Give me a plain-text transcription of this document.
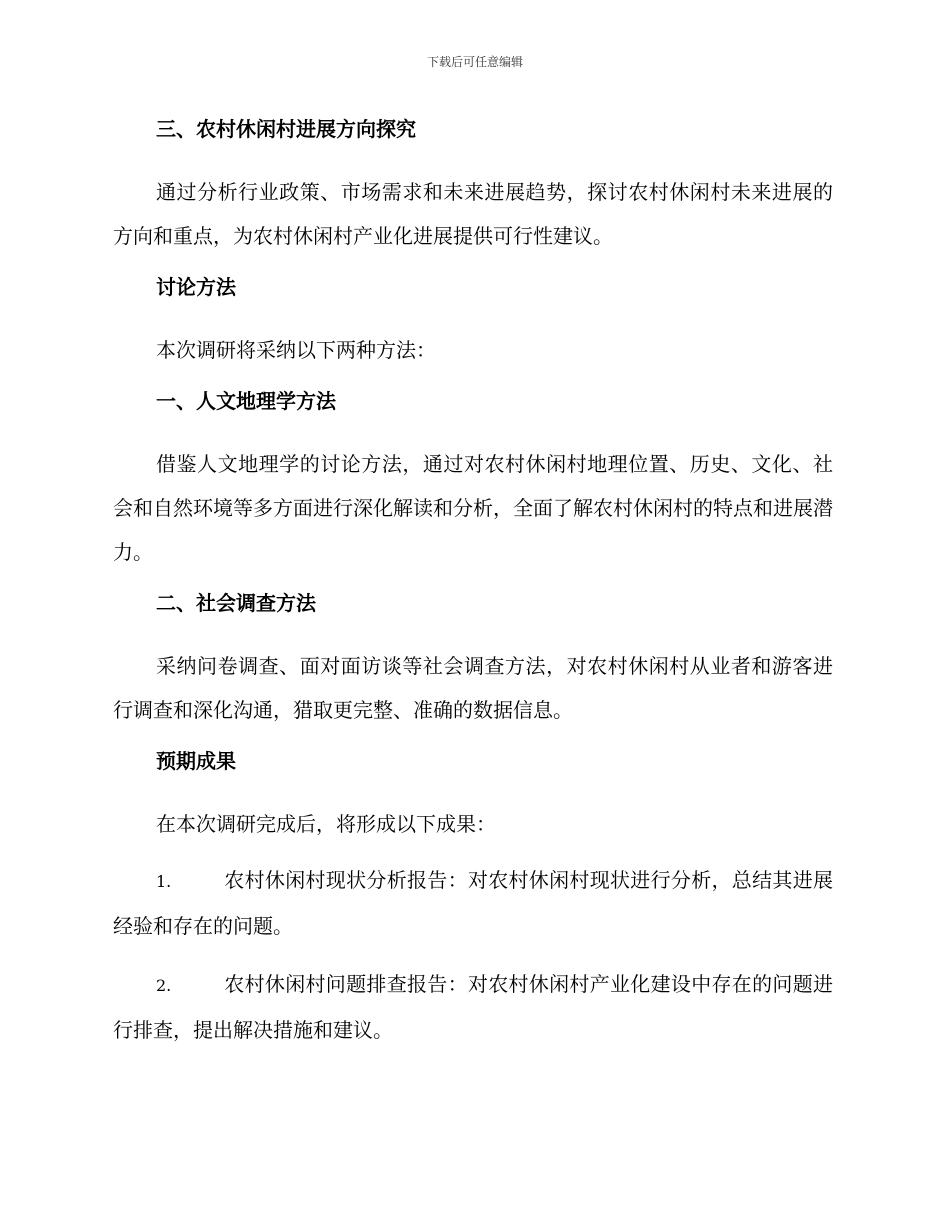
下载后可任意编辑
三、农村休闲村进展方向探究
通过分析行业政策、市场需求和未来进展趋势，探讨农村休闲村未来进展的方向和重点，为农村休闲村产业化进展提供可行性建议。
讨论方法
本次调研将采纳以下两种方法：
一、人文地理学方法
借鉴人文地理学的讨论方法，通过对农村休闲村地理位置、历史、文化、社会和自然环境等多方面进行深化解读和分析，全面了解农村休闲村的特点和进展潜力。
二、社会调查方法
采纳问卷调查、面对面访谈等社会调查方法，对农村休闲村从业者和游客进行调查和深化沟通，猎取更完整、准确的数据信息。
预期成果
在本次调研完成后，将形成以下成果：
1.	农村休闲村现状分析报告：对农村休闲村现状进行分析，总结其进展经验和存在的问题。
2.	农村休闲村问题排查报告：对农村休闲村产业化建设中存在的问题进行排查，提出解决措施和建议。
